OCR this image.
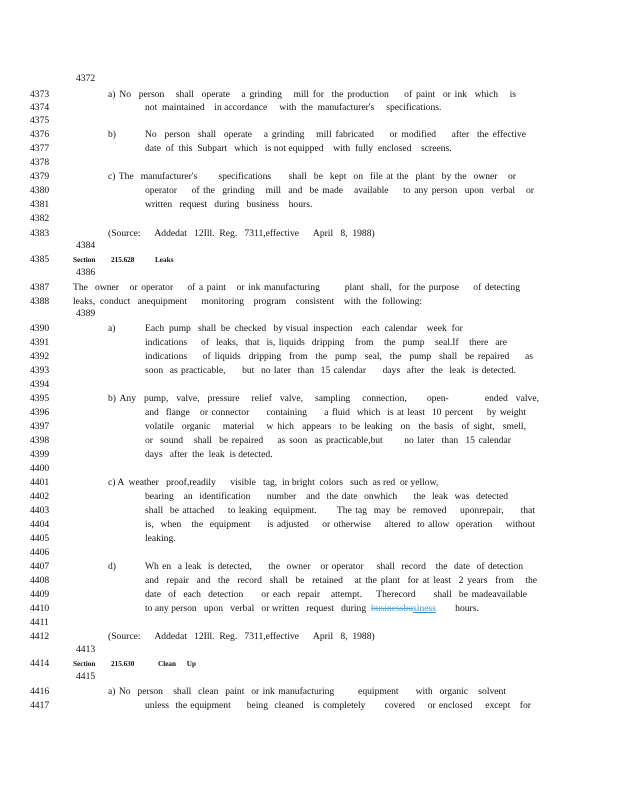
4372
4373	a) No  person   shall  operate   a grinding   mill for  the production    of paint  or ink  which   is
4374	not  maintained    in accordance     with  the  manufacturer's     specifications.
4375
4376	b)	No  person  shall  operate   a grinding   mill fabricated    or modified    after  the effective
4377	date  of  this  Subpart   which   is not equipped    with  fully  enclosed    screens.
4378
4379	c) The  manufacturer's      specifications     shall  be  kept  on  file at the  plant  by the  owner   or
4380	operator    of the  grinding   mill  and  be made   available    to any person  upon  verbal   or
4381	written   request   during   business    hours.
4382
4383	(Source:      Addedat   12Ill.  Reg.   7311,effective      April   8,  1988)
4384
4385	Section 215.628	Leaks
4386
4387	The  owner   or operator    of a paint   or ink manufacturing       plant  shall,  for the purpose    of detecting
4388	leaks,  conduct   anequipment      monitoring    program    consistent    with  the  following:
4389
4390	a)	Each  pump   shall  be  checked   by visual  inspection    each  calendar    week  for
4391	indications    of  leaks,  that  is, liquids  dripping   from   the  pump   seal.If   there  are
4392	indications    of liquids  dripping  from  the  pump  seal,  the  pump  shall  be repaired    as
4393	soon  as practicable,     but  no later  than  15 calendar     days  after  the  leak  is detected.
4394
4395	b) Any  pump,  valve,  pressure   relief  valve,   sampling   connection,     open-         ended  valve,
4396	and  flange   or connector     containing     a fluid  which  is at least  10 percent    by weight
4397	volatile  organic   material   w hich  appears  to be leaking  on  the basis  of sight,  smell,
4398	or  sound   shall  be repaired    as soon  as practicable,but      no later  than  15 calendar
4399	days   after  the  leak  is detected.
4400
4401	c) A  weather   proof,readily      visible   tag,  in bright  colors   such  as red  or yellow,
4402	bearing   an  identification     number   and  the date  onwhich     the  leak  was  detected
4403	shall  be attached    to leaking  equipment.      The tag  may  be  removed    uponrepair,     that
4404	is,  when   the  equipment     is adjusted    or otherwise    altered  to allow  operation    without
4405	leaking.
4406
4407	d)	Wh en  a leak  is detected,     the  owner   or operator    shall  record   the  date  of detection
4408	and  repair  and  the  record  shall  be  retained   at the plant  for at least  2 years  from   the
4409	date  of  each  detection     or each  repair   attempt.    Therecord     shall  be madeavailable
4410	to any person   upon   verbal   or written   request   during businessbusiness        hours.
4411
4412	(Source:      Addedat   12Ill.  Reg.   7311,effective      April   8,  1988)
4413
4414	Section 215.630	Clean      Up
4415
4416	a) No  person   shall  clean  paint  or ink manufacturing       equipment     with  organic   solvent
4417	unless  the equipment     being  cleaned   is completely      covered    or enclosed    except   for
